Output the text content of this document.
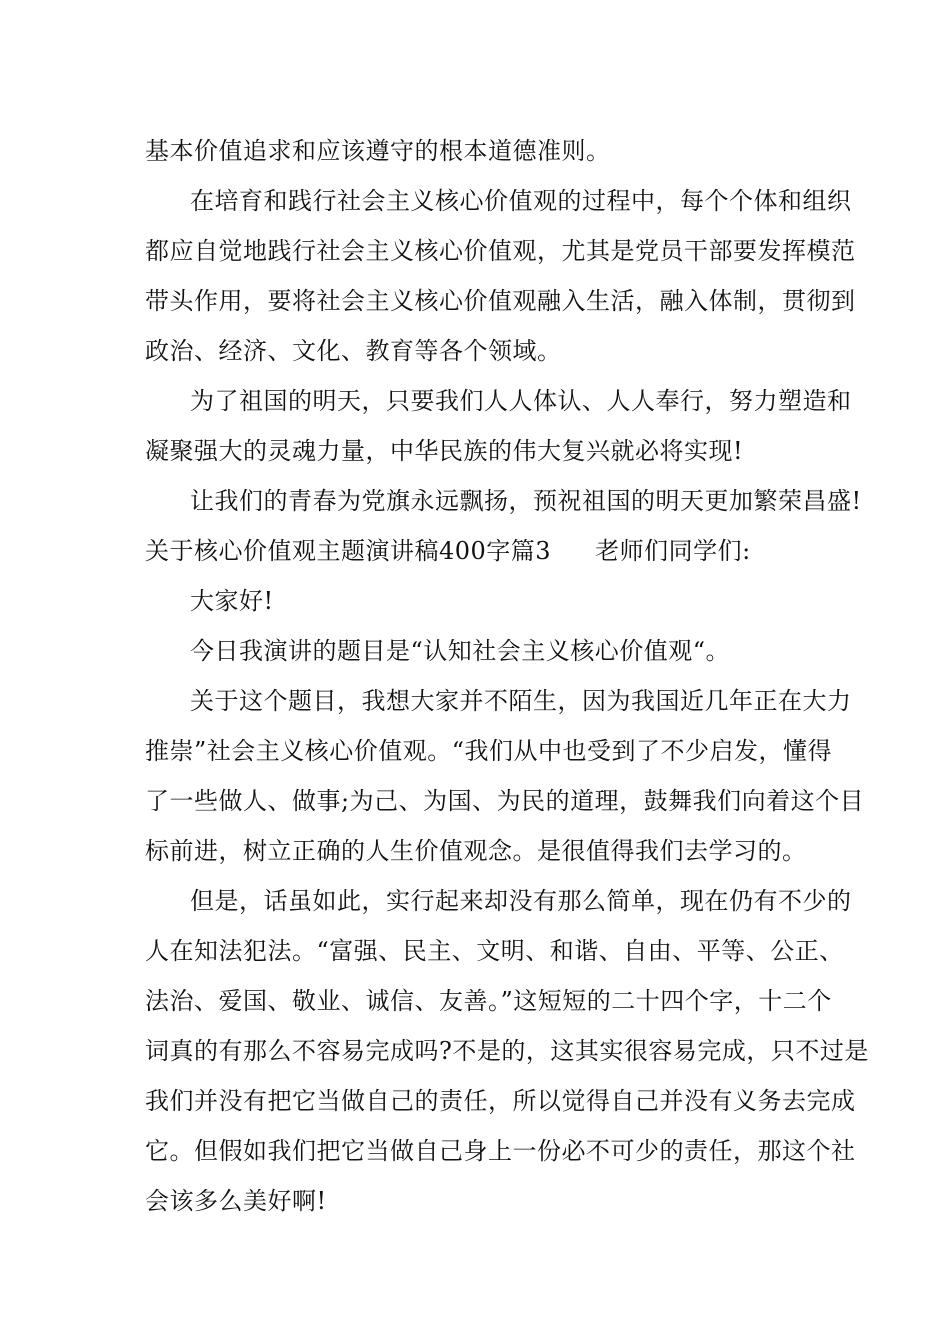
基本价值追求和应该遵守的根本道德准则。
在培育和践行社会主义核心价值观的过程中，每个个体和组织
都应自觉地践行社会主义核心价值观，尤其是党员干部要发挥模范
带头作用，要将社会主义核心价值观融入生活，融入体制，贯彻到
政治、经济、文化、教育等各个领域。
为了祖国的明天，只要我们人人体认、人人奉行，努力塑造和
凝聚强大的灵魂力量，中华民族的伟大复兴就必将实现!
让我们的青春为党旗永远飘扬，预祝祖国的明天更加繁荣昌盛!
关于核心价值观主题演讲稿400字篇3 老师们同学们:
大家好!
今日我演讲的题目是“认知社会主义核心价值观“。
关于这个题目，我想大家并不陌生，因为我国近几年正在大力
推崇”社会主义核心价值观。“我们从中也受到了不少启发，懂得
了一些做人、做事;为己、为国、为民的道理，鼓舞我们向着这个目
标前进，树立正确的人生价值观念。是很值得我们去学习的。
但是，话虽如此，实行起来却没有那么简单，现在仍有不少的
人在知法犯法。“富强、民主、文明、和谐、自由、平等、公正、
法治、爱国、敬业、诚信、友善。”这短短的二十四个字，十二个
词真的有那么不容易完成吗?不是的，这其实很容易完成，只不过是
我们并没有把它当做自己的责任，所以觉得自己并没有义务去完成
它。但假如我们把它当做自己身上一份必不可少的责任，那这个社
会该多么美好啊!
